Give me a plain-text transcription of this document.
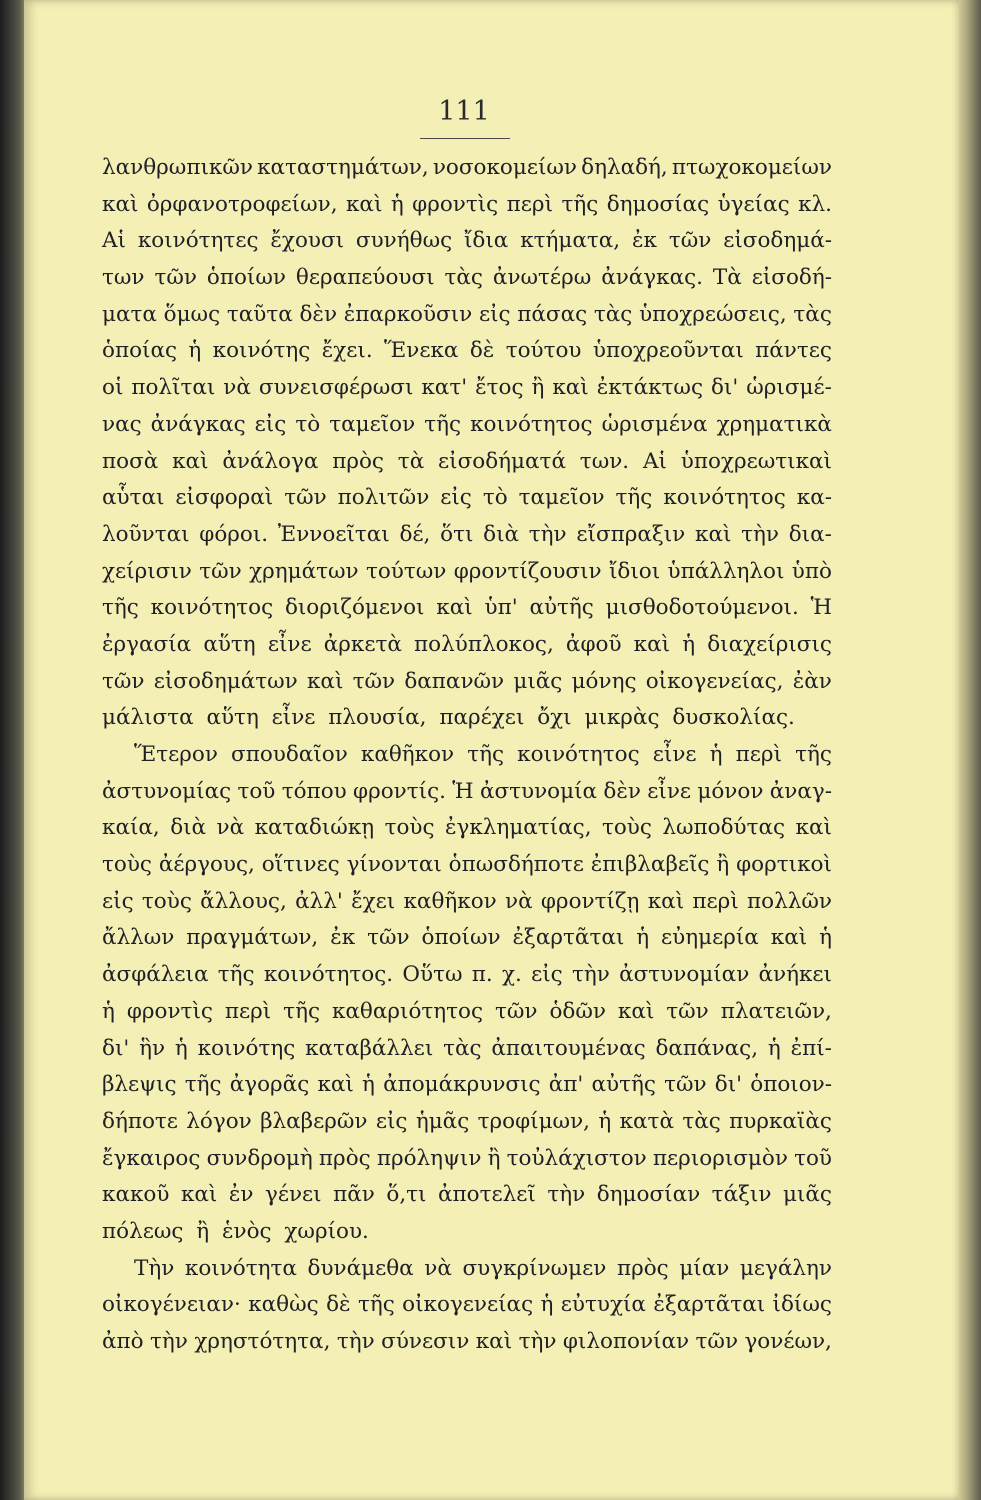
111
λανθρωπικῶν καταστημάτων, νοσοκομείων δηλαδή, πτωχοκομείων
καὶ ὀρφανοτροφείων, καὶ ἡ φροντὶς περὶ τῆς δημοσίας ὑγείας κλ.
Αἱ κοινότητες ἔχουσι συνήθως ἴδια κτήματα, ἐκ τῶν εἰσοδημά-
των τῶν ὁποίων θεραπεύουσι τὰς ἀνωτέρω ἀνάγκας. Τὰ εἰσοδή-
ματα ὅμως ταῦτα δὲν ἐπαρκοῦσιν εἰς πάσας τὰς ὑποχρεώσεις, τὰς
ὁποίας ἡ κοινότης ἔχει. Ἕνεκα δὲ τούτου ὑποχρεοῦνται πάντες
οἱ πολῖται νὰ συνεισφέρωσι κατ' ἔτος ἢ καὶ ἐκτάκτως δι' ὡρισμέ-
νας ἀνάγκας εἰς τὸ ταμεῖον τῆς κοινότητος ὡρισμένα χρηματικὰ
ποσὰ καὶ ἀνάλογα πρὸς τὰ εἰσοδήματά των. Αἱ ὑποχρεωτικαὶ
αὗται εἰσφοραὶ τῶν πολιτῶν εἰς τὸ ταμεῖον τῆς κοινότητος κα-
λοῦνται φόροι. Ἐννοεῖται δέ, ὅτι διὰ τὴν εἴσπραξιν καὶ τὴν δια-
χείρισιν τῶν χρημάτων τούτων φροντίζουσιν ἴδιοι ὑπάλληλοι ὑπὸ
τῆς κοινότητος διοριζόμενοι καὶ ὑπ' αὐτῆς μισθοδοτούμενοι. Ἡ
ἐργασία αὕτη εἶνε ἀρκετὰ πολύπλοκος, ἀφοῦ καὶ ἡ διαχείρισις
τῶν εἰσοδημάτων καὶ τῶν δαπανῶν μιᾶς μόνης οἰκογενείας, ἐὰν
μάλιστα αὕτη εἶνε πλουσία, παρέχει ὄχι μικρὰς δυσκολίας.
Ἕτερον σπουδαῖον καθῆκον τῆς κοινότητος εἶνε ἡ περὶ τῆς
ἀστυνομίας τοῦ τόπου φροντίς. Ἡ ἀστυνομία δὲν εἶνε μόνον ἀναγ-
καία, διὰ νὰ καταδιώκῃ τοὺς ἐγκληματίας, τοὺς λωποδύτας καὶ
τοὺς ἀέργους, οἵτινες γίνονται ὁπωσδήποτε ἐπιβλαβεῖς ἢ φορτικοὶ
εἰς τοὺς ἄλλους, ἀλλ' ἔχει καθῆκον νὰ φροντίζῃ καὶ περὶ πολλῶν
ἄλλων πραγμάτων, ἐκ τῶν ὁποίων ἐξαρτᾶται ἡ εὐημερία καὶ ἡ
ἀσφάλεια τῆς κοινότητος. Οὕτω π. χ. εἰς τὴν ἀστυνομίαν ἀνήκει
ἡ φροντὶς περὶ τῆς καθαριότητος τῶν ὁδῶν καὶ τῶν πλατειῶν,
δι' ἣν ἡ κοινότης καταβάλλει τὰς ἀπαιτουμένας δαπάνας, ἡ ἐπί-
βλεψις τῆς ἀγορᾶς καὶ ἡ ἀπομάκρυνσις ἀπ' αὐτῆς τῶν δι' ὁποιον-
δήποτε λόγον βλαβερῶν εἰς ἡμᾶς τροφίμων, ἡ κατὰ τὰς πυρκαϊὰς
ἔγκαιρος συνδρομὴ πρὸς πρόληψιν ἢ τοὐλάχιστον περιορισμὸν τοῦ
κακοῦ καὶ ἐν γένει πᾶν ὅ,τι ἀποτελεῖ τὴν δημοσίαν τάξιν μιᾶς
πόλεως ἢ ἑνὸς χωρίου.
Τὴν κοινότητα δυνάμεθα νὰ συγκρίνωμεν πρὸς μίαν μεγάλην
οἰκογένειαν· καθὼς δὲ τῆς οἰκογενείας ἡ εὐτυχία ἐξαρτᾶται ἰδίως
ἀπὸ τὴν χρηστότητα, τὴν σύνεσιν καὶ τὴν φιλοπονίαν τῶν γονέων,
